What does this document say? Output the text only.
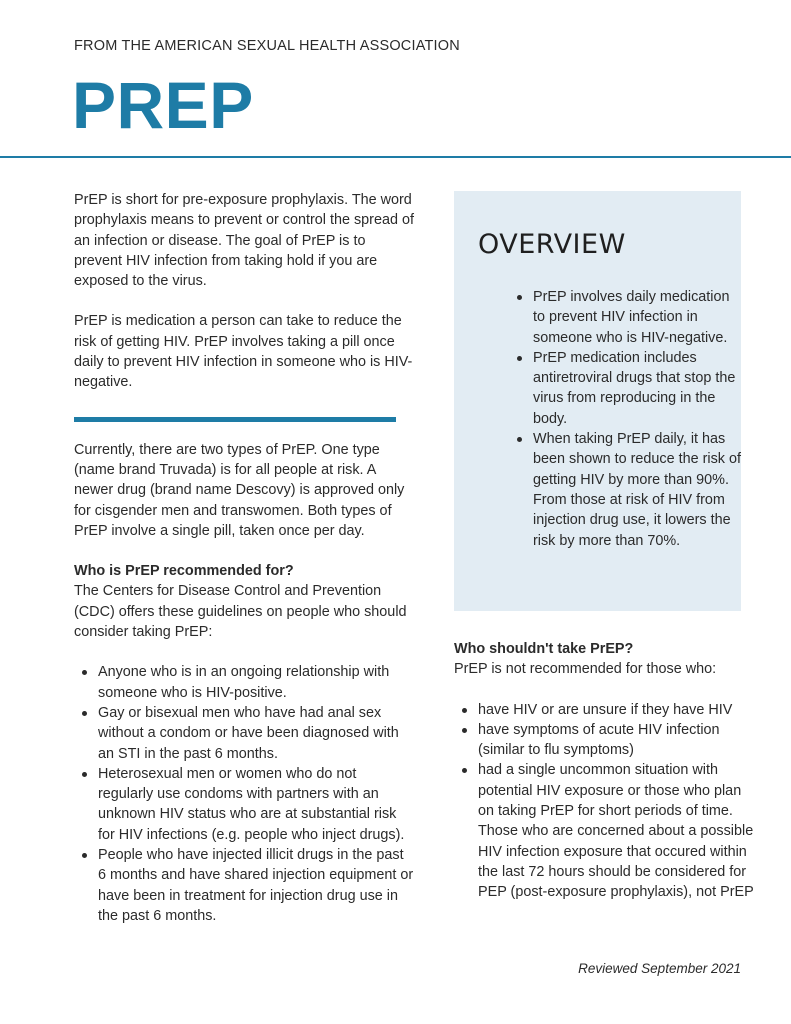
FROM THE AMERICAN SEXUAL HEALTH ASSOCIATION
PREP

PrEP is short for pre-exposure prophylaxis. The word prophylaxis means to prevent or control the spread of an infection or disease. The goal of PrEP is to prevent HIV infection from taking hold if you are exposed to the virus.

PrEP is medication a person can take to reduce the risk of getting HIV. PrEP involves taking a pill once daily to prevent HIV infection in someone who is HIV-negative.

Currently, there are two types of PrEP. One type (name brand Truvada) is for all people at risk. A newer drug (brand name Descovy) is approved only for cisgender men and transwomen. Both types of PrEP involve a single pill, taken once per day.

Who is PrEP recommended for?

The Centers for Disease Control and Prevention (CDC) offers these guidelines on people who should consider taking PrEP:

Anyone who is in an ongoing relationship with someone who is HIV-positive.
Gay or bisexual men who have had anal sex without a condom or have been diagnosed with an STI in the past 6 months.
Heterosexual men or women who do not regularly use condoms with partners with an unknown HIV status who are at substantial risk for HIV infections (e.g. people who inject drugs).
People who have injected illicit drugs in the past 6 months and have shared injection equipment or have been in treatment for injection drug use in the past 6 months.
OVERVIEW
PrEP involves daily medication to prevent HIV infection in someone who is HIV-negative.
PrEP medication includes antiretroviral drugs that stop the virus from reproducing in the body.
When taking PrEP daily, it has been shown to reduce the risk of getting HIV by more than 90%. From those at risk of HIV from injection drug use, it lowers the risk by more than 70%.

Who shouldn't take PrEP?

PrEP is not recommended for those who:

have HIV or are unsure if they have HIV
have symptoms of acute HIV infection (similar to flu symptoms)
had a single uncommon situation with potential HIV exposure or those who plan on taking PrEP for short periods of time. Those who are concerned about a possible HIV infection exposure that occured within the last 72 hours should be considered for PEP (post-exposure prophylaxis), not PrEP
Reviewed September 2021
